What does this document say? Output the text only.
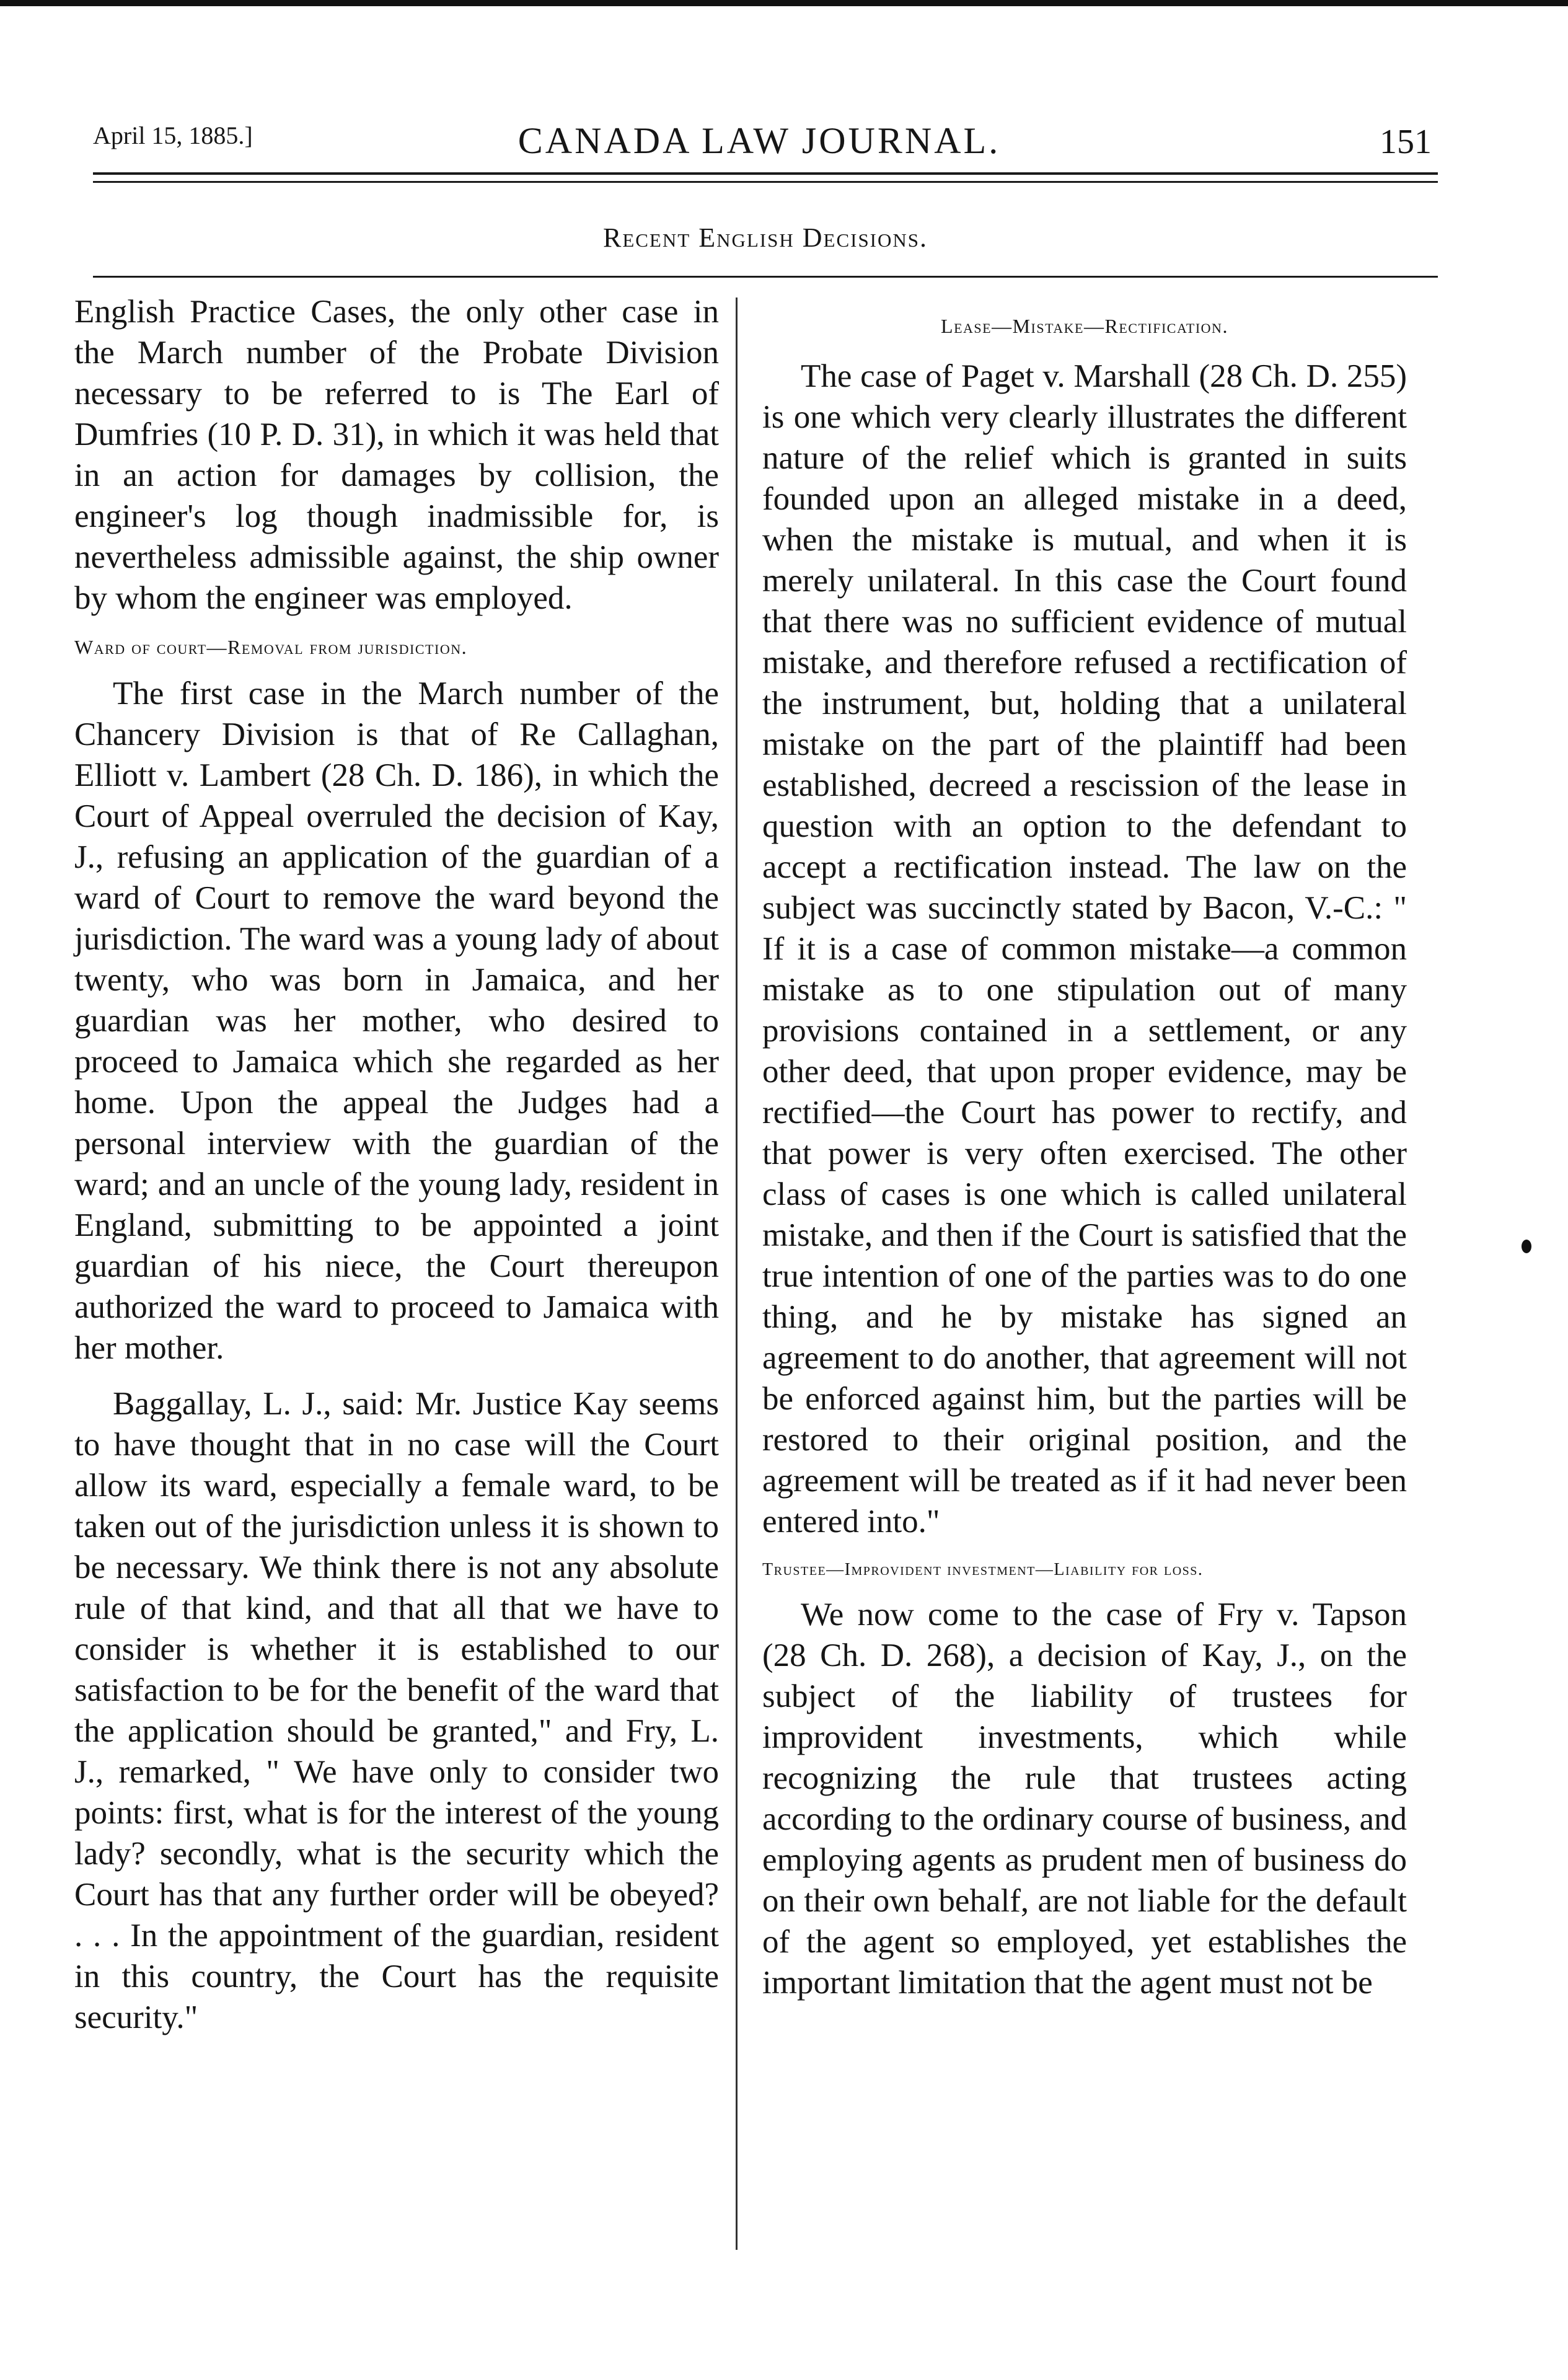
April 15, 1885.]	CANADA LAW JOURNAL.	151
Recent English Decisions.

English Practice Cases, the only other case in the March number of the Probate Division necessary to be referred to is The Earl of Dumfries (10 P. D. 31), in which it was held that in an action for damages by collision, the engineer's log though inadmissible for, is nevertheless admissible against, the ship owner by whom the engineer was employed.

Ward of court—Removal from jurisdiction.

The first case in the March number of the Chancery Division is that of Re Callaghan, Elliott v. Lambert (28 Ch. D. 186), in which the Court of Appeal overruled the decision of Kay, J., refusing an application of the guardian of a ward of Court to remove the ward beyond the jurisdiction. The ward was a young lady of about twenty, who was born in Jamaica, and her guardian was her mother, who desired to proceed to Jamaica which she regarded as her home. Upon the appeal the Judges had a personal interview with the guardian of the ward; and an uncle of the young lady, resident in England, submitting to be appointed a joint guardian of his niece, the Court thereupon authorized the ward to proceed to Jamaica with her mother.

Baggallay, L. J., said: Mr. Justice Kay seems to have thought that in no case will the Court allow its ward, especially a female ward, to be taken out of the jurisdiction unless it is shown to be necessary. We think there is not any absolute rule of that kind, and that all that we have to consider is whether it is established to our satisfaction to be for the benefit of the ward that the application should be granted," and Fry, L. J., remarked, " We have only to consider two points: first, what is for the interest of the young lady? secondly, what is the security which the Court has that any further order will be obeyed? . . . In the appointment of the guardian, resident in this country, the Court has the requisite security."

Lease—Mistake—Rectification.

The case of Paget v. Marshall (28 Ch. D. 255) is one which very clearly illustrates the different nature of the relief which is granted in suits founded upon an alleged mistake in a deed, when the mistake is mutual, and when it is merely unilateral. In this case the Court found that there was no sufficient evidence of mutual mistake, and therefore refused a rectification of the instrument, but, holding that a unilateral mistake on the part of the plaintiff had been established, decreed a rescission of the lease in question with an option to the defendant to accept a rectification instead. The law on the subject was succinctly stated by Bacon, V.-C.: " If it is a case of common mistake—a common mistake as to one stipulation out of many provisions contained in a settlement, or any other deed, that upon proper evidence, may be rectified—the Court has power to rectify, and that power is very often exercised. The other class of cases is one which is called unilateral mistake, and then if the Court is satisfied that the true intention of one of the parties was to do one thing, and he by mistake has signed an agreement to do another, that agreement will not be enforced against him, but the parties will be restored to their original position, and the agreement will be treated as if it had never been entered into."

Trustee—Improvident investment—Liability for loss.

We now come to the case of Fry v. Tapson (28 Ch. D. 268), a decision of Kay, J., on the subject of the liability of trustees for improvident investments, which while recognizing the rule that trustees acting according to the ordinary course of business, and employing agents as prudent men of business do on their own behalf, are not liable for the default of the agent so employed, yet establishes the important limitation that the agent must not be
